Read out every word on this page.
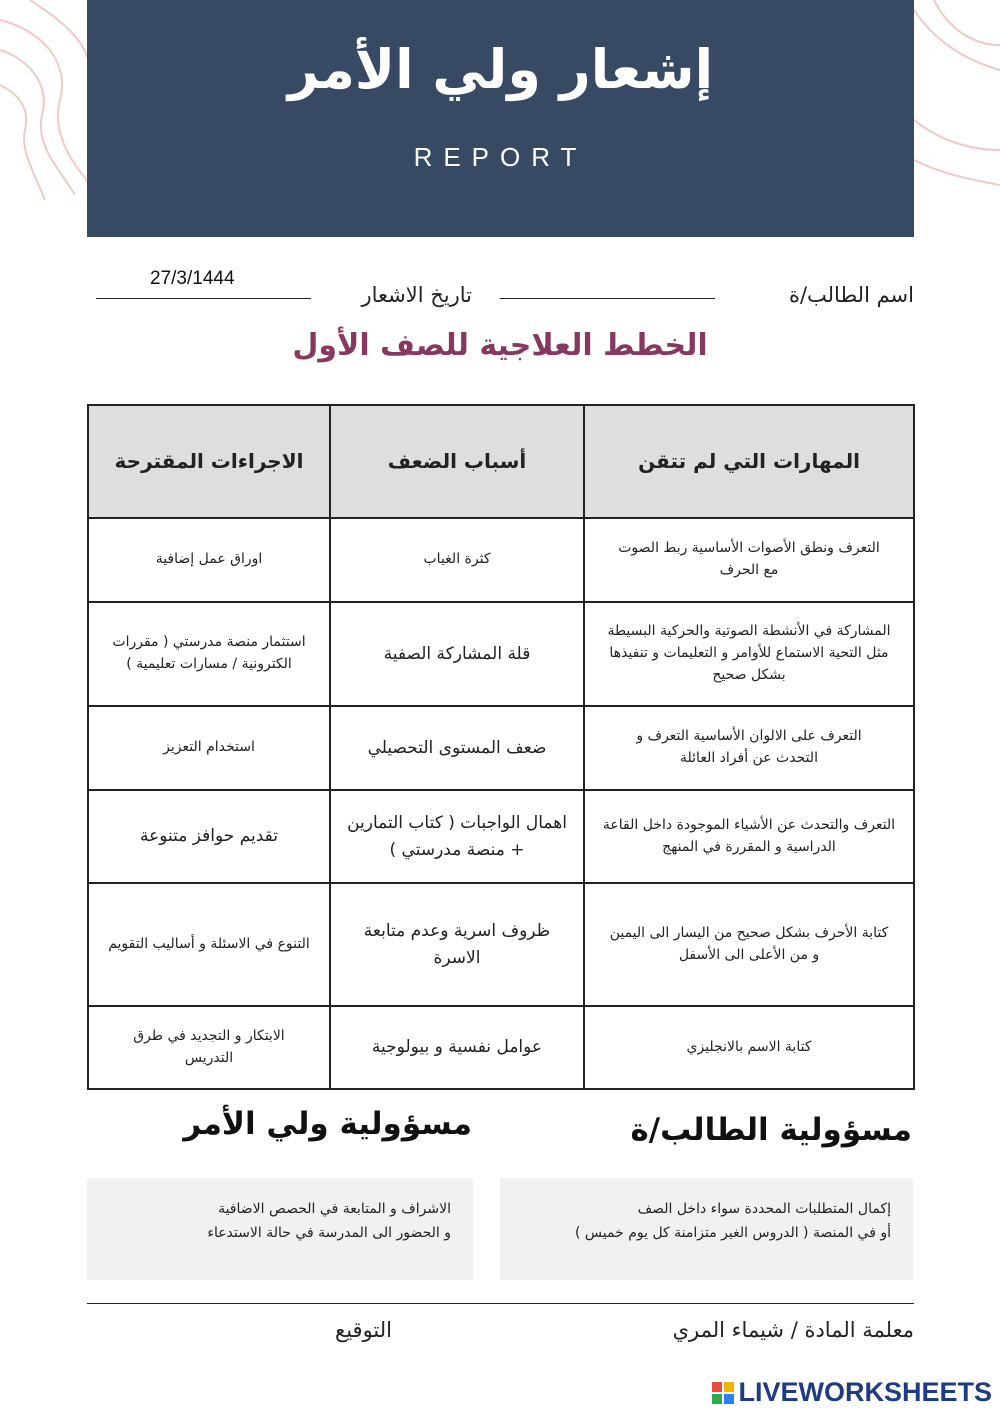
إشعار ولي الأمر
REPORT
اسم الطالب/ة
تاريخ الاشعار
27/3/1444
الخطط العلاجية للصف الأول
المهارات التي لم تتقن	أسباب الضعف	الاجراءات المقترحة
التعرف ونطق الأصوات الأساسية ربط الصوت مع الحرف	كثرة الغياب	اوراق عمل إضافية
المشاركة في الأنشطة الصوتية والحركية البسيطة مثل التحية الاستماع للأوامر و التعليمات و تنفيذها بشكل صحيح	قلة المشاركة الصفية	استثمار منصة مدرستي ( مقررات الكترونية / مسارات تعليمية )
التعرف على الالوان الأساسية التعرف و التحدث عن أفراد العائلة	ضعف المستوى التحصيلي	استخدام التعزيز
التعرف والتحدث عن الأشياء الموجودة داخل القاعة الدراسية و المقررة في المنهج	اهمال الواجبات ( كتاب التمارين + منصة مدرستي )	تقديم حوافز متنوعة
كتابة الأحرف بشكل صحيح من اليسار الى اليمين و من الأعلى الى الأسفل	ظروف اسرية وعدم متابعة الاسرة	التنوع في الاسئلة و أساليب التقويم
كتابة الاسم بالانجليزي	عوامل نفسية و بيولوجية	الابتكار و التجديد في طرق التدريس
مسؤولية الطالب/ة
مسؤولية ولي الأمر
إكمال المتطلبات المحددة سواء داخل الصف
أو في المنصة ( الدروس الغير متزامنة كل يوم خميس )
الاشراف و المتابعة في الحصص الاضافية
و الحضور الى المدرسة في حالة الاستدعاء
معلمة المادة / شيماء المري
التوقيع
LIVEWORKSHEETS
